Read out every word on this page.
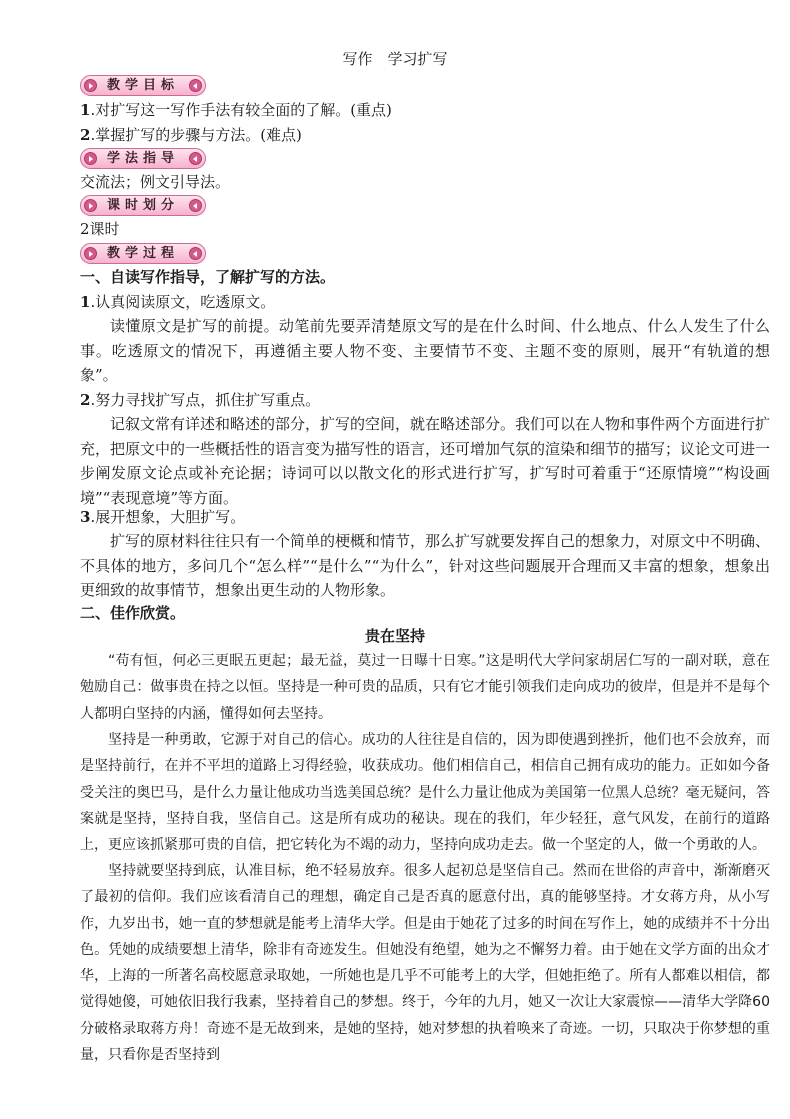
写作　学习扩写
教学目标
1.对扩写这一写作手法有较全面的了解。(重点)
2.掌握扩写的步骤与方法。(难点)
学法指导
交流法；例文引导法。
课时划分
2课时
教学过程
一、自读写作指导，了解扩写的方法。
1.认真阅读原文，吃透原文。
读懂原文是扩写的前提。动笔前先要弄清楚原文写的是在什么时间、什么地点、什么人发生了什么事。吃透原文的情况下，再遵循主要人物不变、主要情节不变、主题不变的原则，展开“有轨道的想象”。
2.努力寻找扩写点，抓住扩写重点。
记叙文常有详述和略述的部分，扩写的空间，就在略述部分。我们可以在人物和事件两个方面进行扩充，把原文中的一些概括性的语言变为描写性的语言，还可增加气氛的渲染和细节的描写；议论文可进一步阐发原文论点或补充论据；诗词可以以散文化的形式进行扩写，扩写时可着重于“还原情境”“构设画境”“表现意境”等方面。
3.展开想象，大胆扩写。
扩写的原材料往往只有一个简单的梗概和情节，那么扩写就要发挥自己的想象力，对原文中不明确、不具体的地方，多问几个“怎么样”“是什么”“为什么”，针对这些问题展开合理而又丰富的想象，想象出更细致的故事情节，想象出更生动的人物形象。
二、佳作欣赏。
贵在坚持
“苟有恒，何必三更眠五更起；最无益，莫过一日曝十日寒。”这是明代大学问家胡居仁写的一副对联，意在勉励自己：做事贵在持之以恒。坚持是一种可贵的品质，只有它才能引领我们走向成功的彼岸，但是并不是每个人都明白坚持的内涵，懂得如何去坚持。
坚持是一种勇敢，它源于对自己的信心。成功的人往往是自信的，因为即使遇到挫折，他们也不会放弃，而是坚持前行，在并不平坦的道路上习得经验，收获成功。他们相信自己，相信自己拥有成功的能力。正如如今备受关注的奥巴马，是什么力量让他成功当选美国总统？是什么力量让他成为美国第一位黑人总统？毫无疑问，答案就是坚持，坚持自我，坚信自己。这是所有成功的秘诀。现在的我们，年少轻狂，意气风发，在前行的道路上，更应该抓紧那可贵的自信，把它转化为不竭的动力，坚持向成功走去。做一个坚定的人，做一个勇敢的人。
坚持就要坚持到底，认准目标，绝不轻易放弃。很多人起初总是坚信自己。然而在世俗的声音中，渐渐磨灭了最初的信仰。我们应该看清自己的理想，确定自己是否真的愿意付出，真的能够坚持。才女蒋方舟，从小写作，九岁出书，她一直的梦想就是能考上清华大学。但是由于她花了过多的时间在写作上，她的成绩并不十分出色。凭她的成绩要想上清华，除非有奇迹发生。但她没有绝望，她为之不懈努力着。由于她在文学方面的出众才华，上海的一所著名高校愿意录取她，一所她也是几乎不可能考上的大学，但她拒绝了。所有人都难以相信，都觉得她傻，可她依旧我行我素，坚持着自己的梦想。终于，今年的九月，她又一次让大家震惊——清华大学降60分破格录取蒋方舟！奇迹不是无故到来，是她的坚持，她对梦想的执着唤来了奇迹。一切，只取决于你梦想的重量，只看你是否坚持到
